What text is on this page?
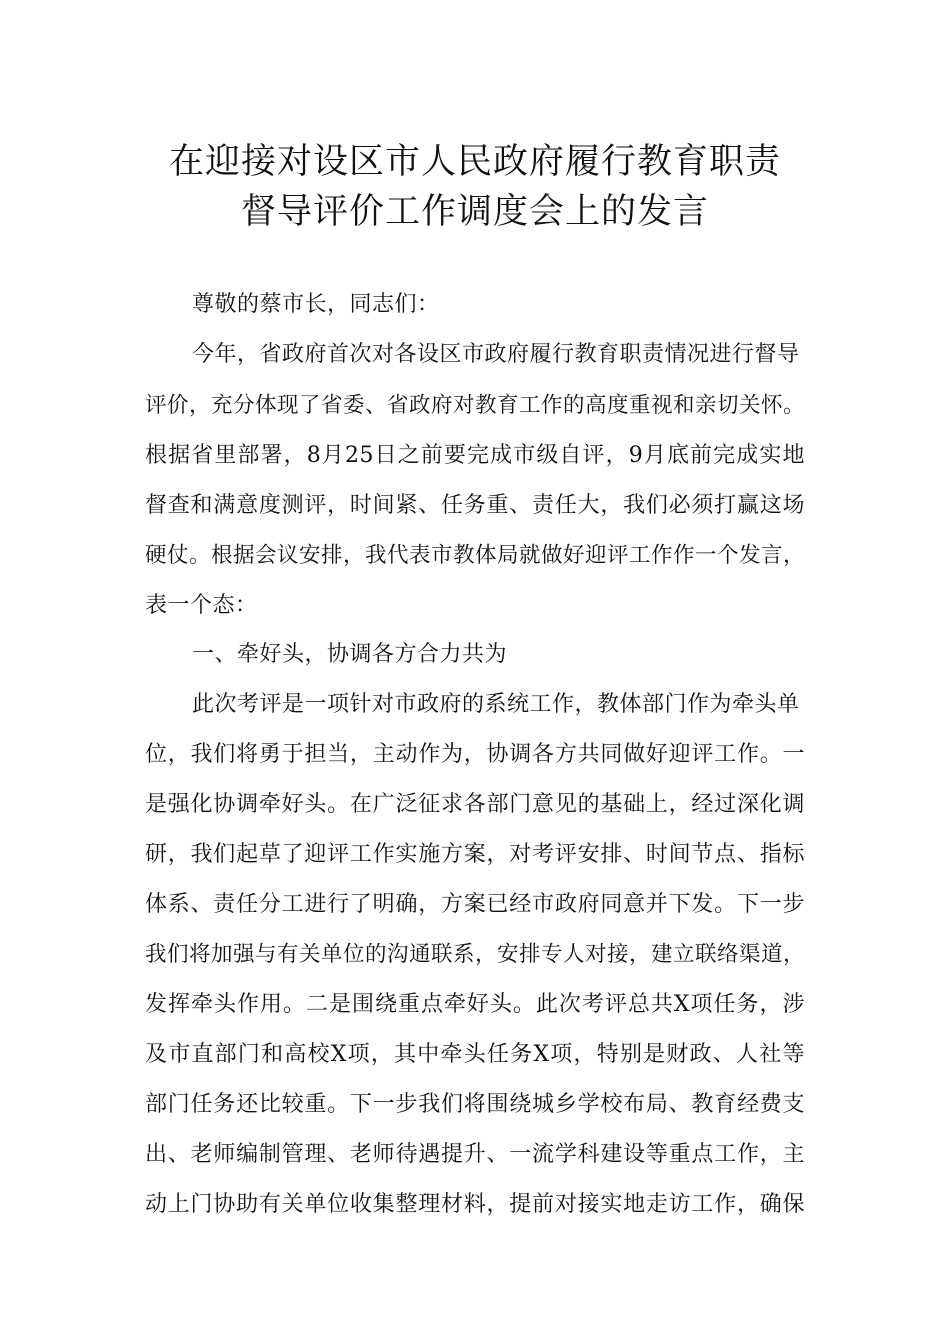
在迎接对设区市人民政府履行教育职责
督导评价工作调度会上的发言
尊敬的蔡市长，同志们：
今年，省政府首次对各设区市政府履行教育职责情况进行督导
评价，充分体现了省委、省政府对教育工作的高度重视和亲切关怀。
根据省里部署，8月25日之前要完成市级自评，9月底前完成实地
督查和满意度测评，时间紧、任务重、责任大，我们必须打赢这场
硬仗。根据会议安排，我代表市教体局就做好迎评工作作一个发言，
表一个态：
一、牵好头，协调各方合力共为
此次考评是一项针对市政府的系统工作，教体部门作为牵头单
位，我们将勇于担当，主动作为，协调各方共同做好迎评工作。一
是强化协调牵好头。在广泛征求各部门意见的基础上，经过深化调
研，我们起草了迎评工作实施方案，对考评安排、时间节点、指标
体系、责任分工进行了明确，方案已经市政府同意并下发。下一步
我们将加强与有关单位的沟通联系，安排专人对接，建立联络渠道，
发挥牵头作用。二是围绕重点牵好头。此次考评总共X项任务，涉
及市直部门和高校X项，其中牵头任务X项，特别是财政、人社等
部门任务还比较重。下一步我们将围绕城乡学校布局、教育经费支
出、老师编制管理、老师待遇提升、一流学科建设等重点工作，主
动上门协助有关单位收集整理材料，提前对接实地走访工作，确保
